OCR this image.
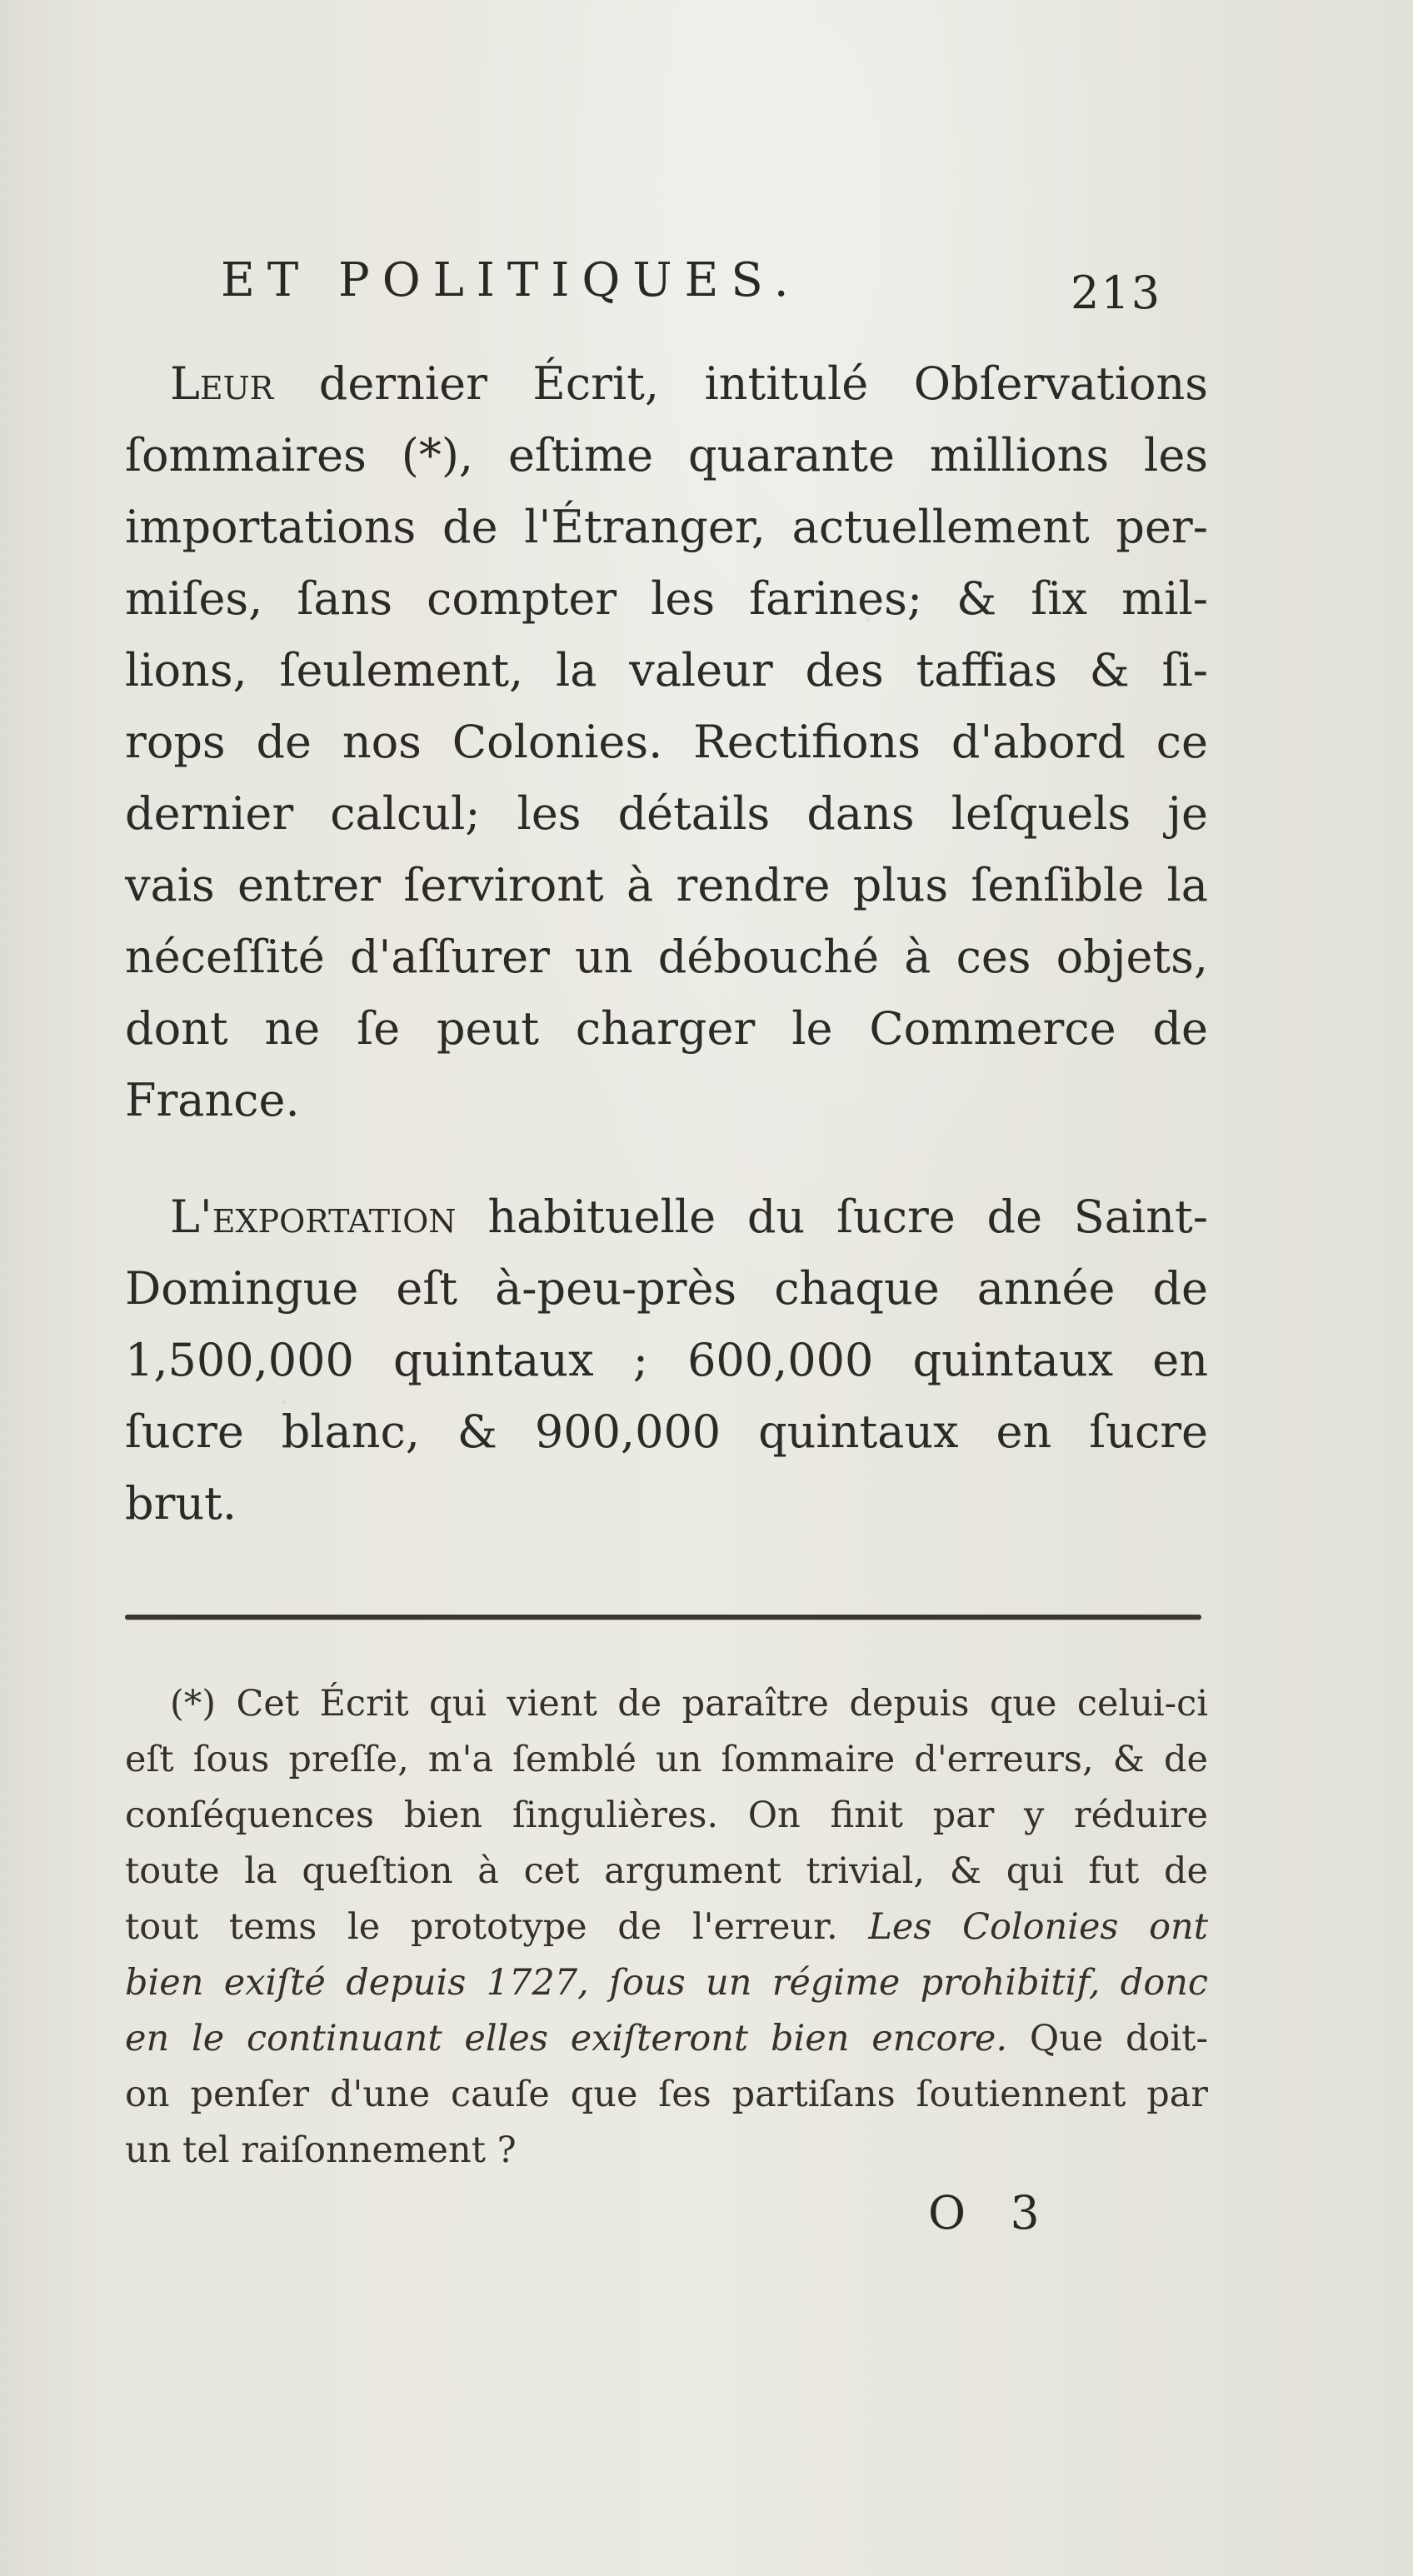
ET POLITIQUES.	213
Leur dernier Écrit, intitulé Obſervations
ſommaires (*), eſtime quarante millions les
importations de l'Étranger, actuellement per-
miſes, ſans compter les farines; & ſix mil-
lions, ſeulement, la valeur des taffias & ſi-
rops de nos Colonies. Rectifions d'abord ce
dernier calcul; les détails dans leſquels je
vais entrer ſerviront à rendre plus ſenſible la
néceſſité d'aſſurer un débouché à ces objets,
dont ne ſe peut charger le Commerce de
France.
L'exportation habituelle du ſucre de Saint-
Domingue eſt à-peu-près chaque année de
1,500,000 quintaux ; 600,000 quintaux en
ſucre blanc, & 900,000 quintaux en ſucre
brut.
(*) Cet Écrit qui vient de paraître depuis que celui-ci
eſt ſous preſſe, m'a ſemblé un ſommaire d'erreurs, & de
conſéquences bien ſingulières. On finit par y réduire
toute la queſtion à cet argument trivial, & qui fut de
tout tems le prototype de l'erreur. Les Colonies ont
bien exiſté depuis 1727, ſous un régime prohibitif, donc
en le continuant elles exiſteront bien encore. Que doit-
on penſer d'une cauſe que ſes partiſans ſoutiennent par
un tel raiſonnement ?
O 3
